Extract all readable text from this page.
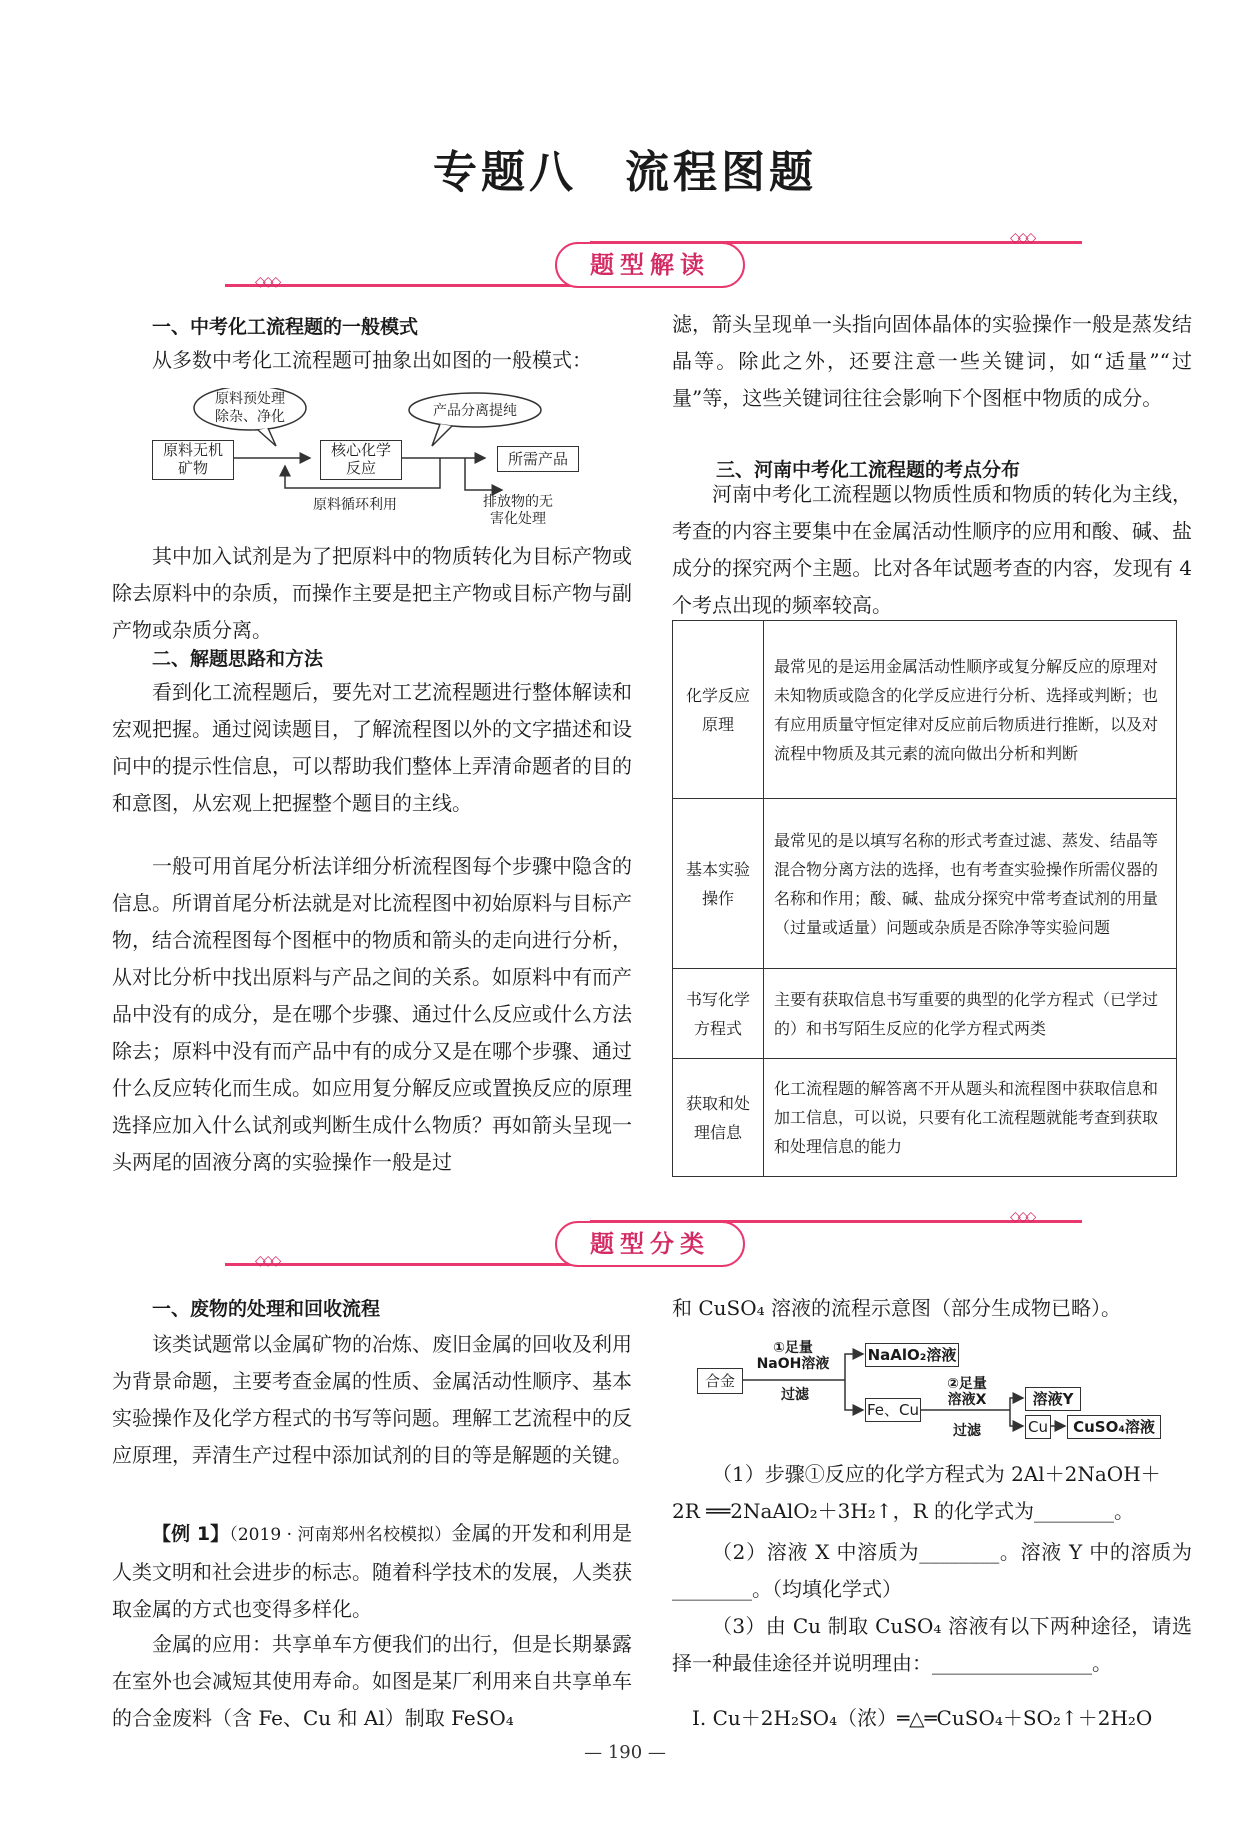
专题八　流程图题
◇◇◇
◇◇◇
题型解读
一、中考化工流程题的一般模式
从多数中考化工流程题可抽象出如图的一般模式：
原料预处理
除杂、净化	产品分离提纯
原料无机
矿物
核心化学
反应	所需产品
原料循环利用	排放物的无
害化处理
其中加入试剂是为了把原料中的物质转化为目标产物或除去原料中的杂质，而操作主要是把主产物或目标产物与副产物或杂质分离。
二、解题思路和方法
看到化工流程题后，要先对工艺流程题进行整体解读和宏观把握。通过阅读题目，了解流程图以外的文字描述和设问中的提示性信息，可以帮助我们整体上弄清命题者的目的和意图，从宏观上把握整个题目的主线。
一般可用首尾分析法详细分析流程图每个步骤中隐含的信息。所谓首尾分析法就是对比流程图中初始原料与目标产物，结合流程图每个图框中的物质和箭头的走向进行分析，从对比分析中找出原料与产品之间的关系。如原料中有而产品中没有的成分，是在哪个步骤、通过什么反应或什么方法除去；原料中没有而产品中有的成分又是在哪个步骤、通过什么反应转化而生成。如应用复分解反应或置换反应的原理选择应加入什么试剂或判断生成什么物质？再如箭头呈现一头两尾的固液分离的实验操作一般是过
滤，箭头呈现单一头指向固体晶体的实验操作一般是蒸发结晶等。除此之外，还要注意一些关键词，如“适量”“过量”等，这些关键词往往会影响下个图框中物质的成分。
三、河南中考化工流程题的考点分布
河南中考化工流程题以物质性质和物质的转化为主线，考查的内容主要集中在金属活动性顺序的应用和酸、碱、盐成分的探究两个主题。比对各年试题考查的内容，发现有 4 个考点出现的频率较高。
化学反应原理	最常见的是运用金属活动性顺序或复分解反应的原理对未知物质或隐含的化学反应进行分析、选择或判断；也有应用质量守恒定律对反应前后物质进行推断，以及对流程中物质及其元素的流向做出分析和判断
基本实验操作	最常见的是以填写名称的形式考查过滤、蒸发、结晶等混合物分离方法的选择，也有考查实验操作所需仪器的名称和作用；酸、碱、盐成分探究中常考查试剂的用量（过量或适量）问题或杂质是否除净等实验问题
书写化学方程式	主要有获取信息书写重要的典型的化学方程式（已学过的）和书写陌生反应的化学方程式两类
获取和处理信息	化工流程题的解答离不开从题头和流程图中获取信息和加工信息，可以说，只要有化工流程题就能考查到获取和处理信息的能力
◇◇◇
◇◇◇
题型分类
一、废物的处理和回收流程
该类试题常以金属矿物的冶炼、废旧金属的回收及利用为背景命题，主要考查金属的性质、金属活动性顺序、基本实验操作及化学方程式的书写等问题。理解工艺流程中的反应原理，弄清生产过程中添加试剂的目的等是解题的关键。
【例 1】（2019 · 河南郑州名校模拟）金属的开发和利用是人类文明和社会进步的标志。随着科学技术的发展，人类获取金属的方式也变得多样化。
金属的应用：共享单车方便我们的出行，但是长期暴露在室外也会减短其使用寿命。如图是某厂利用来自共享单车的合金废料（含 Fe、Cu 和 Al）制取 FeSO₄
和 CuSO₄ 溶液的流程示意图（部分生成物已略）。
合金
①足量
NaOH溶液
过滤
NaAlO₂溶液
Fe、Cu
②足量
溶液X
过滤
溶液Y
Cu	CuSO₄溶液
（1）步骤①反应的化学方程式为 2Al＋2NaOH＋
2R ══2NaAlO₂＋3H₂↑，R 的化学式为________。
（2）溶液 X 中溶质为________。溶液 Y 中的溶质为________。（均填化学式）
（3）由 Cu 制取 CuSO₄ 溶液有以下两种途径，请选择一种最佳途径并说明理由：________________。
Ⅰ. Cu＋2H₂SO₄（浓）═△═CuSO₄＋SO₂↑＋2H₂O
— 190 —
